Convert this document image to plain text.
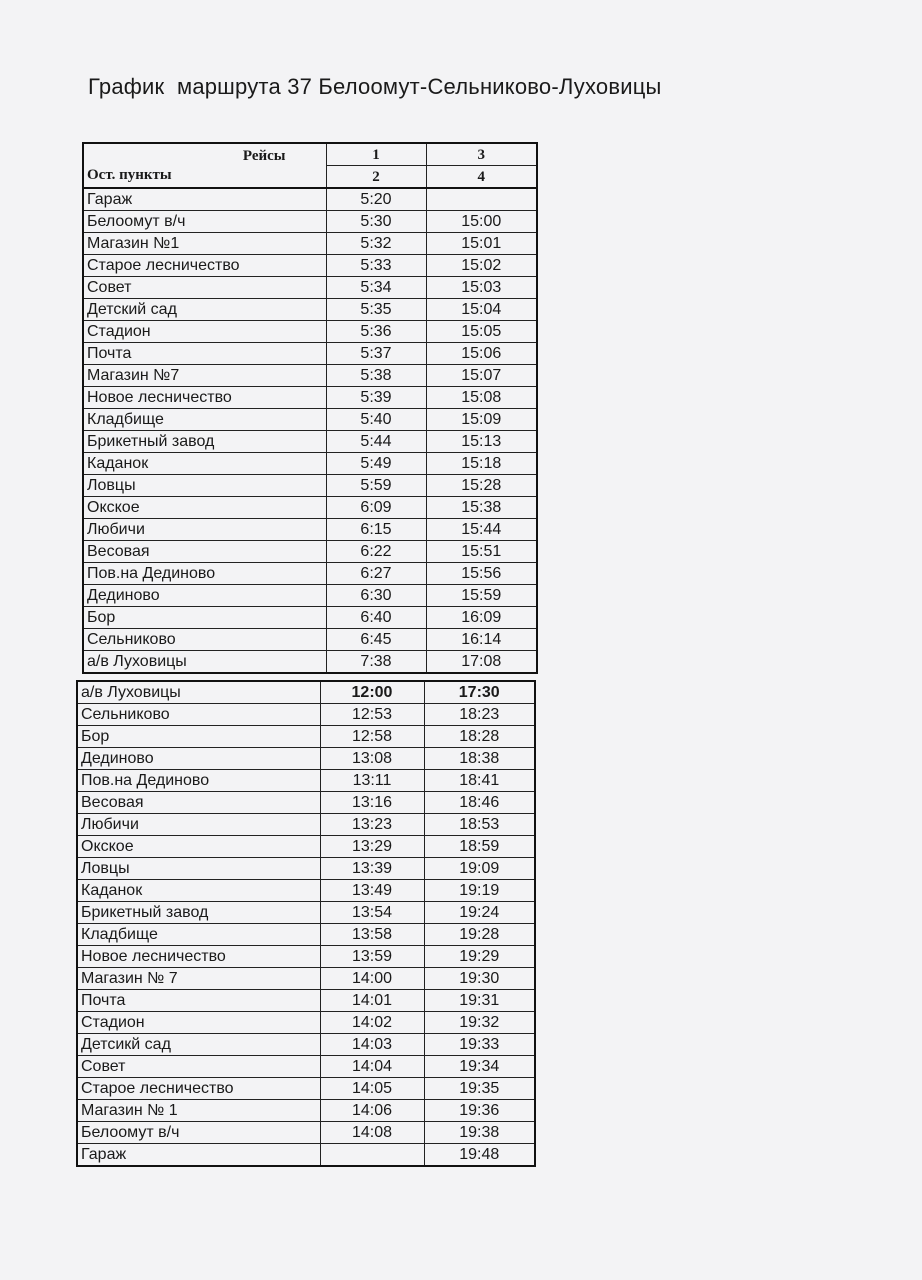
График  маршрута 37 Белоомут-Сельниково-Луховицы
Рейсы
Ост. пункты	1	3
	2	4
Гараж	5:20	
Белоомут в/ч	5:30	15:00
Магазин №1	5:32	15:01
Старое лесничество	5:33	15:02
Совет	5:34	15:03
Детский сад	5:35	15:04
Стадион	5:36	15:05
Почта	5:37	15:06
Магазин №7	5:38	15:07
Новое лесничество	5:39	15:08
Кладбище	5:40	15:09
Брикетный завод	5:44	15:13
Каданок	5:49	15:18
Ловцы	5:59	15:28
Окское	6:09	15:38
Любичи	6:15	15:44
Весовая	6:22	15:51
Пов.на Дединово	6:27	15:56
Дединово	6:30	15:59
Бор	6:40	16:09
Сельниково	6:45	16:14
а/в Луховицы	7:38	17:08
а/в Луховицы	12:00	17:30
Сельниково	12:53	18:23
Бор	12:58	18:28
Дединово	13:08	18:38
Пов.на Дединово	13:11	18:41
Весовая	13:16	18:46
Любичи	13:23	18:53
Окское	13:29	18:59
Ловцы	13:39	19:09
Каданок	13:49	19:19
Брикетный завод	13:54	19:24
Кладбище	13:58	19:28
Новое лесничество	13:59	19:29
Магазин № 7	14:00	19:30
Почта	14:01	19:31
Стадион	14:02	19:32
Детсикй сад	14:03	19:33
Совет	14:04	19:34
Старое лесничество	14:05	19:35
Магазин № 1	14:06	19:36
Белоомут в/ч	14:08	19:38
Гараж		19:48
